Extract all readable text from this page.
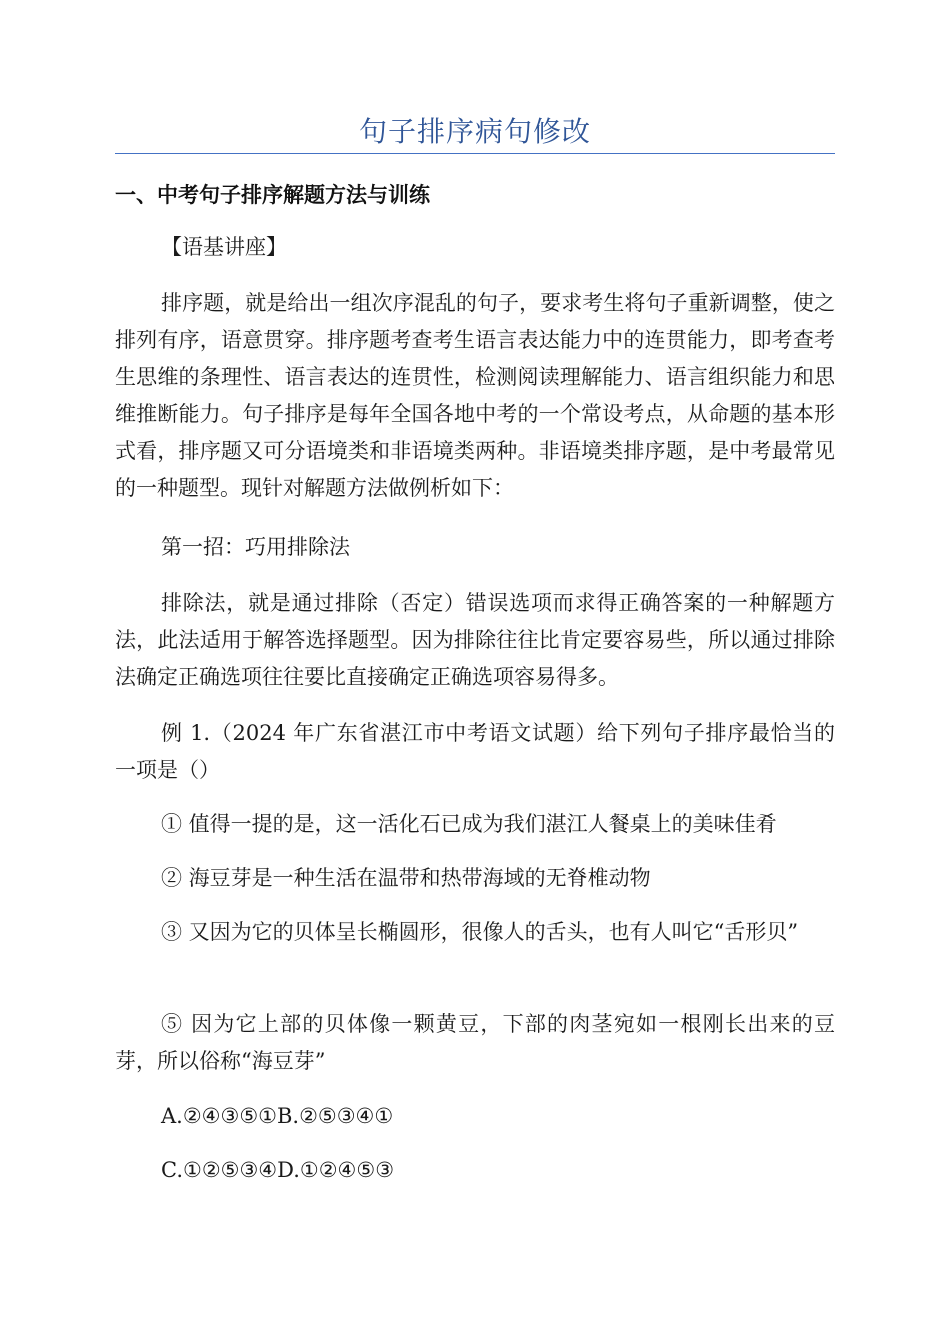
句子排序病句修改
一、中考句子排序解题方法与训练

【语基讲座】

排序题，就是给出一组次序混乱的句子，要求考生将句子重新调整，使之排列有序，语意贯穿。排序题考查考生语言表达能力中的连贯能力，即考查考生思维的条理性、语言表达的连贯性，检测阅读理解能力、语言组织能力和思维推断能力。句子排序是每年全国各地中考的一个常设考点，从命题的基本形式看，排序题又可分语境类和非语境类两种。非语境类排序题，是中考最常见的一种题型。现针对解题方法做例析如下：

第一招：巧用排除法

排除法，就是通过排除（否定）错误选项而求得正确答案的一种解题方法，此法适用于解答选择题型。因为排除往往比肯定要容易些，所以通过排除法确定正确选项往往要比直接确定正确选项容易得多。

例 1.（2024 年广东省湛江市中考语文试题）给下列句子排序最恰当的一项是（）

① 值得一提的是，这一活化石已成为我们湛江人餐桌上的美味佳肴

② 海豆芽是一种生活在温带和热带海域的无脊椎动物

③ 又因为它的贝体呈长椭圆形，很像人的舌头，也有人叫它“舌形贝”

⑤ 因为它上部的贝体像一颗黄豆，下部的肉茎宛如一根刚长出来的豆芽，所以俗称“海豆芽”

A.②④③⑤①B.②⑤③④①

C.①②⑤③④D.①②④⑤③
